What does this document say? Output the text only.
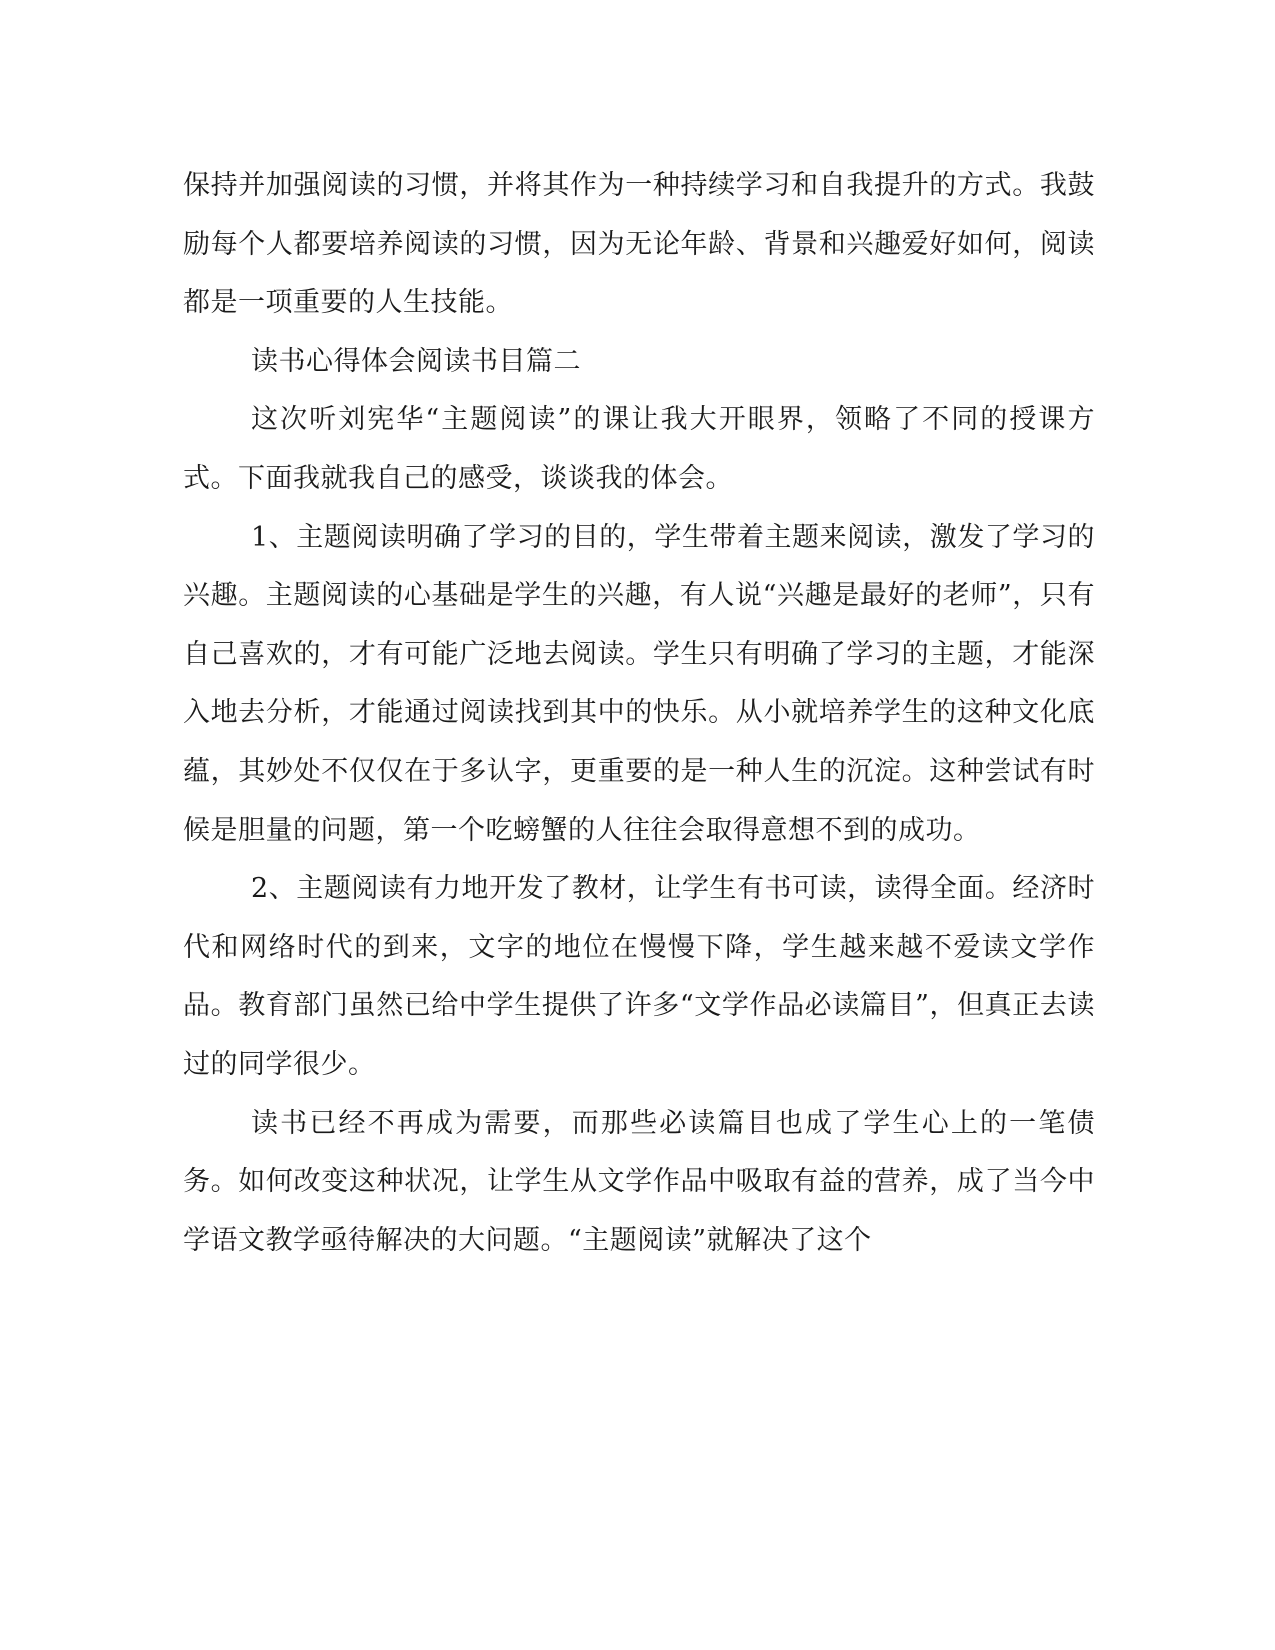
保持并加强阅读的习惯，并将其作为一种持续学习和自我提升的方式。我鼓励每个人都要培养阅读的习惯，因为无论年龄、背景和兴趣爱好如何，阅读都是一项重要的人生技能。

读书心得体会阅读书目篇二

这次听刘宪华“主题阅读”的课让我大开眼界，领略了不同的授课方式。下面我就我自己的感受，谈谈我的体会。

1、主题阅读明确了学习的目的，学生带着主题来阅读，激发了学习的兴趣。主题阅读的心基础是学生的兴趣，有人说“兴趣是最好的老师”，只有自己喜欢的，才有可能广泛地去阅读。学生只有明确了学习的主题，才能深入地去分析，才能通过阅读找到其中的快乐。从小就培养学生的这种文化底蕴，其妙处不仅仅在于多认字，更重要的是一种人生的沉淀。这种尝试有时候是胆量的问题，第一个吃螃蟹的人往往会取得意想不到的成功。

2、主题阅读有力地开发了教材，让学生有书可读，读得全面。经济时代和网络时代的到来，文字的地位在慢慢下降，学生越来越不爱读文学作品。教育部门虽然已给中学生提供了许多“文学作品必读篇目”，但真正去读过的同学很少。

读书已经不再成为需要，而那些必读篇目也成了学生心上的一笔债务。如何改变这种状况，让学生从文学作品中吸取有益的营养，成了当今中学语文教学亟待解决的大问题。“主题阅读”就解决了这个
